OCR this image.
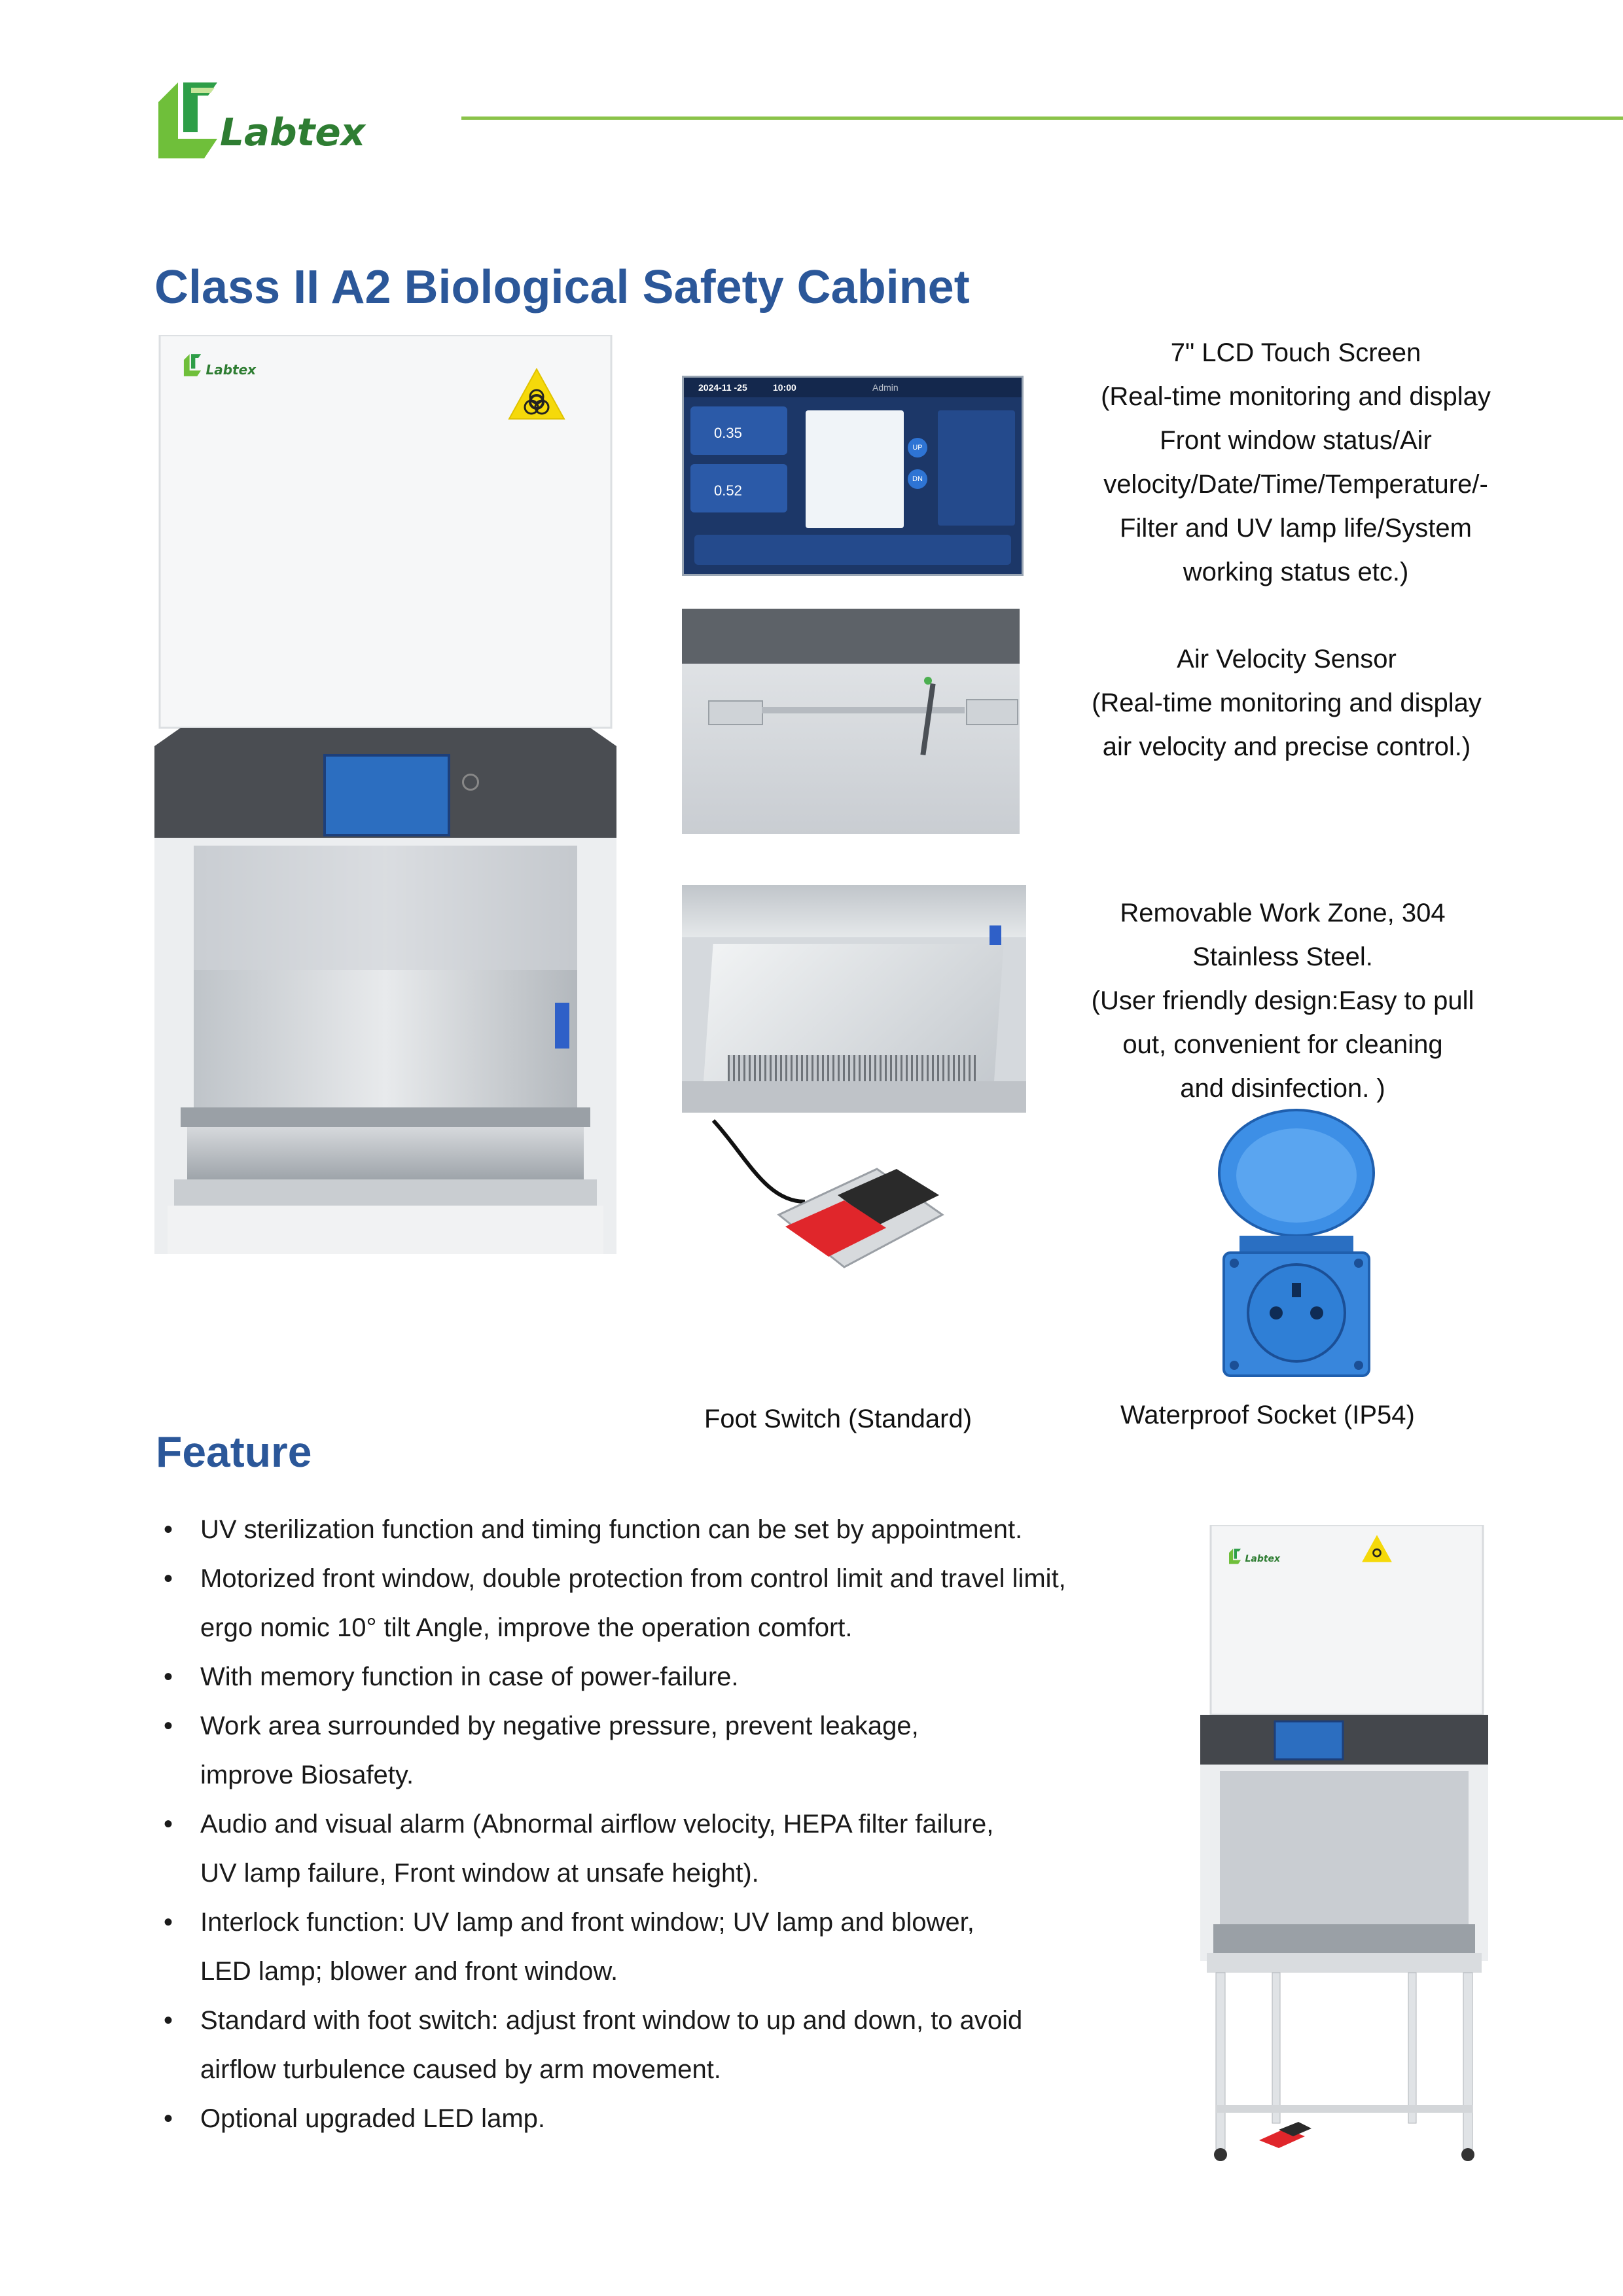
Labtex
Class II A2 Biological Safety Cabinet
Labtex
2024-11 -25	10:00	Admin
0.35
0.52
UP
DN
Foot Switch (Standard)	Waterproof Socket (IP54)

7" LCD Touch Screen

(Real-time monitoring and display

Front window status/Air

velocity/Date/Time/Temperature/-

Filter and UV lamp life/System

working status etc.)

Air Velocity Sensor

(Real-time monitoring and display

air velocity and precise control.)

Removable Work Zone, 304

Stainless Steel.

(User friendly design:Easy to pull

out, convenient for cleaning

and disinfection. )

Feature
• UV sterilization function and timing function can be set by appointment.
• Motorized front window, double protection from control limit and travel limit,
ergo nomic 10° tilt Angle, improve the operation comfort.
• With memory function in case of power-failure.
• Work area surrounded by negative pressure, prevent leakage,
improve Biosafety.
• Audio and visual alarm (Abnormal airflow velocity, HEPA filter failure,
UV lamp failure, Front window at unsafe height).
• Interlock function: UV lamp and front window; UV lamp and blower,
LED lamp; blower and front window.
• Standard with foot switch: adjust front window to up and down, to avoid
airflow turbulence caused by arm movement.
• Optional upgraded LED lamp.
Labtex
